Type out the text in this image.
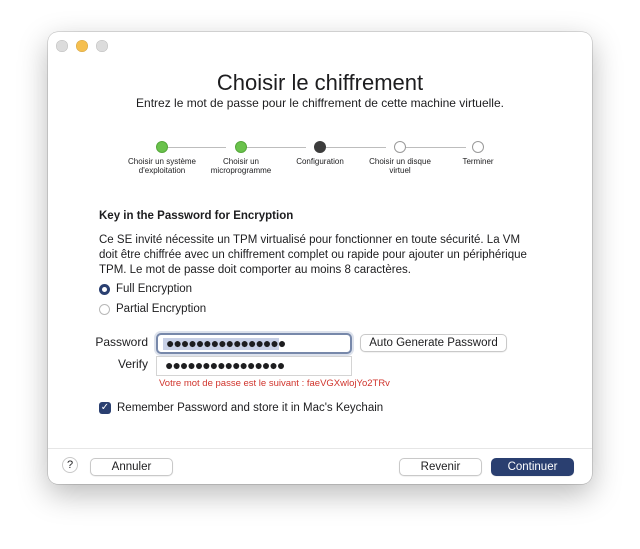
Choisir le chiffrement
Entrez le mot de passe pour le chiffrement de cette machine virtuelle.
Choisir un système d'exploitation
Choisir un microprogramme
Configuration	Choisir un disque virtuel
Terminer
Key in the Password for Encryption
Ce SE invité nécessite un TPM virtualisé pour fonctionner en toute sécurité. La VM doit être chiffrée avec un chiffrement complet ou rapide pour ajouter un périphérique TPM. Le mot de passe doit comporter au moins 8 caractères.
Full Encryption
Partial Encryption
Password ●●●●●●●●●●●●●●●●	Auto Generate Password
Verify ●●●●●●●●●●●●●●●●
Votre mot de passe est le suivant : faeVGXwlojYo2TRv
✓ Remember Password and store it in Mac's Keychain
?	Annuler	Revenir	Continuer
